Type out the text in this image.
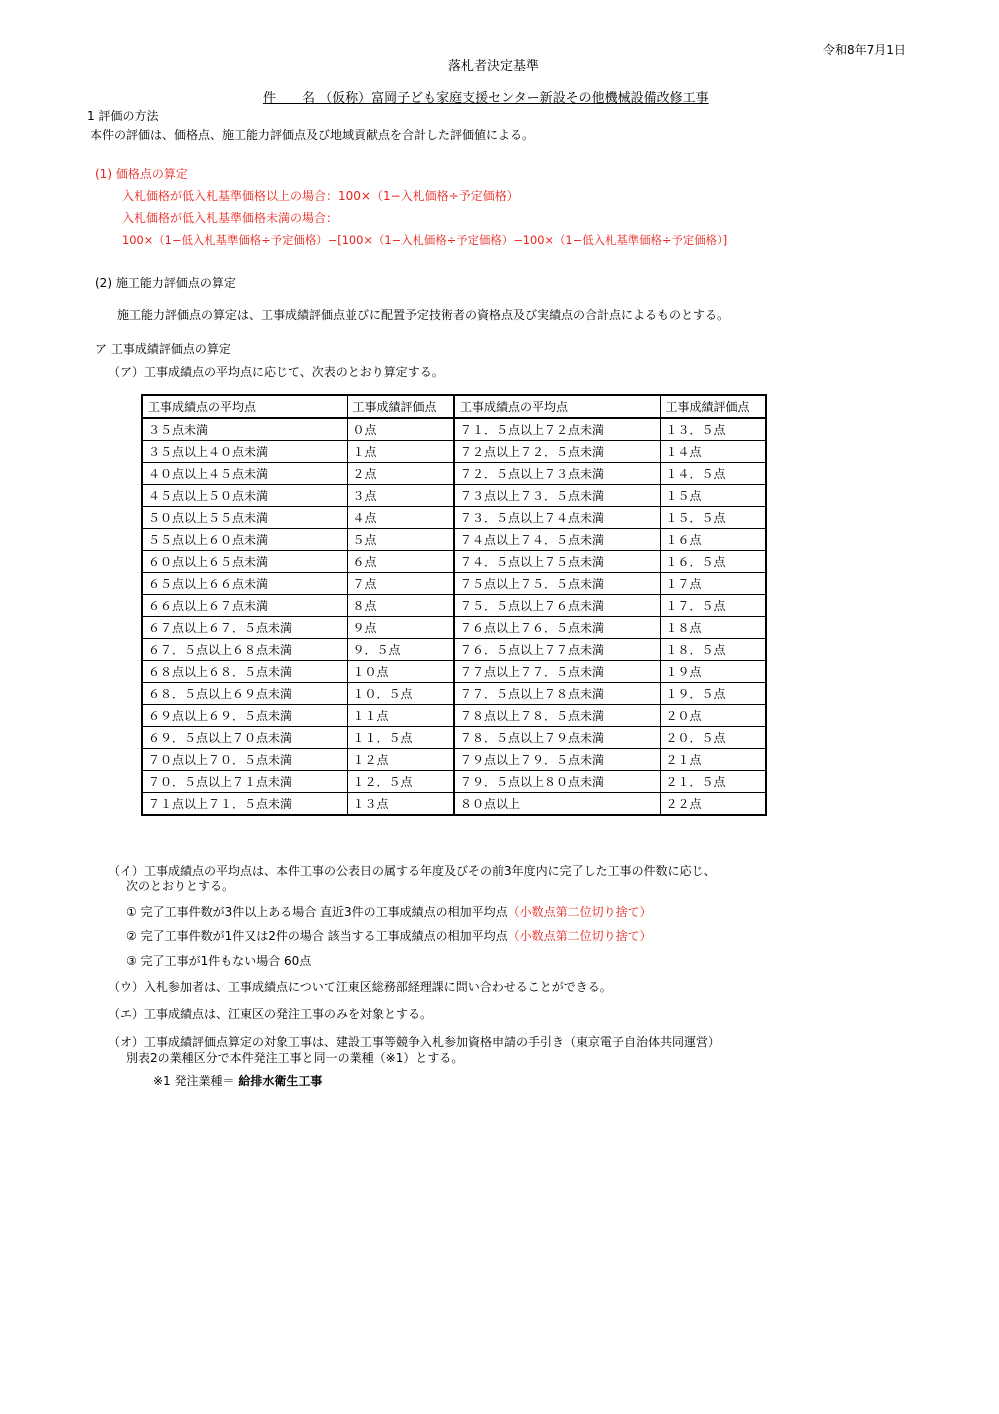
令和8年7月1日
落札者決定基準
件　　名 （仮称）富岡子ども家庭支援センター新設その他機械設備改修工事
1 評価の方法
本件の評価は、価格点、施工能力評価点及び地域貢献点を合計した評価値による。
(1) 価格点の算定
入札価格が低入札基準価格以上の場合：100×（1−入札価格÷予定価格）
入札価格が低入札基準価格未満の場合：
100×（1−低入札基準価格÷予定価格）−[100×（1−入札価格÷予定価格）−100×（1−低入札基準価格÷予定価格）]
(2) 施工能力評価点の算定
施工能力評価点の算定は、工事成績評価点並びに配置予定技術者の資格点及び実績点の合計点によるものとする。
ア 工事成績評価点の算定
（ア）工事成績点の平均点に応じて、次表のとおり算定する。
工事成績点の平均点	工事成績評価点	工事成績点の平均点	工事成績評価点
３５点未満	０点	７１．５点以上７２点未満	１３．５点
３５点以上４０点未満	１点	７２点以上７２．５点未満	１４点
４０点以上４５点未満	２点	７２．５点以上７３点未満	１４．５点
４５点以上５０点未満	３点	７３点以上７３．５点未満	１５点
５０点以上５５点未満	４点	７３．５点以上７４点未満	１５．５点
５５点以上６０点未満	５点	７４点以上７４．５点未満	１６点
６０点以上６５点未満	６点	７４．５点以上７５点未満	１６．５点
６５点以上６６点未満	７点	７５点以上７５．５点未満	１７点
６６点以上６７点未満	８点	７５．５点以上７６点未満	１７．５点
６７点以上６７．５点未満	９点	７６点以上７６．５点未満	１８点
６７．５点以上６８点未満	９．５点	７６．５点以上７７点未満	１８．５点
６８点以上６８．５点未満	１０点	７７点以上７７．５点未満	１９点
６８．５点以上６９点未満	１０．５点	７７．５点以上７８点未満	１９．５点
６９点以上６９．５点未満	１１点	７８点以上７８．５点未満	２０点
６９．５点以上７０点未満	１１．５点	７８．５点以上７９点未満	２０．５点
７０点以上７０．５点未満	１２点	７９点以上７９．５点未満	２１点
７０．５点以上７１点未満	１２．５点	７９．５点以上８０点未満	２１．５点
７１点以上７１．５点未満	１３点	８０点以上	２２点
（イ）工事成績点の平均点は、本件工事の公表日の属する年度及びその前3年度内に完了した工事の件数に応じ、
次のとおりとする。
① 完了工事件数が3件以上ある場合 直近3件の工事成績点の相加平均点（小数点第二位切り捨て）
② 完了工事件数が1件又は2件の場合 該当する工事成績点の相加平均点（小数点第二位切り捨て）
③ 完了工事が1件もない場合 60点
（ウ）入札参加者は、工事成績点について江東区総務部経理課に問い合わせることができる。
（エ）工事成績点は、江東区の発注工事のみを対象とする。
（オ）工事成績評価点算定の対象工事は、建設工事等競争入札参加資格申請の手引き（東京電子自治体共同運営）
別表2の業種区分で本件発注工事と同一の業種（※1）とする。
※1 発注業種＝ 給排水衛生工事
